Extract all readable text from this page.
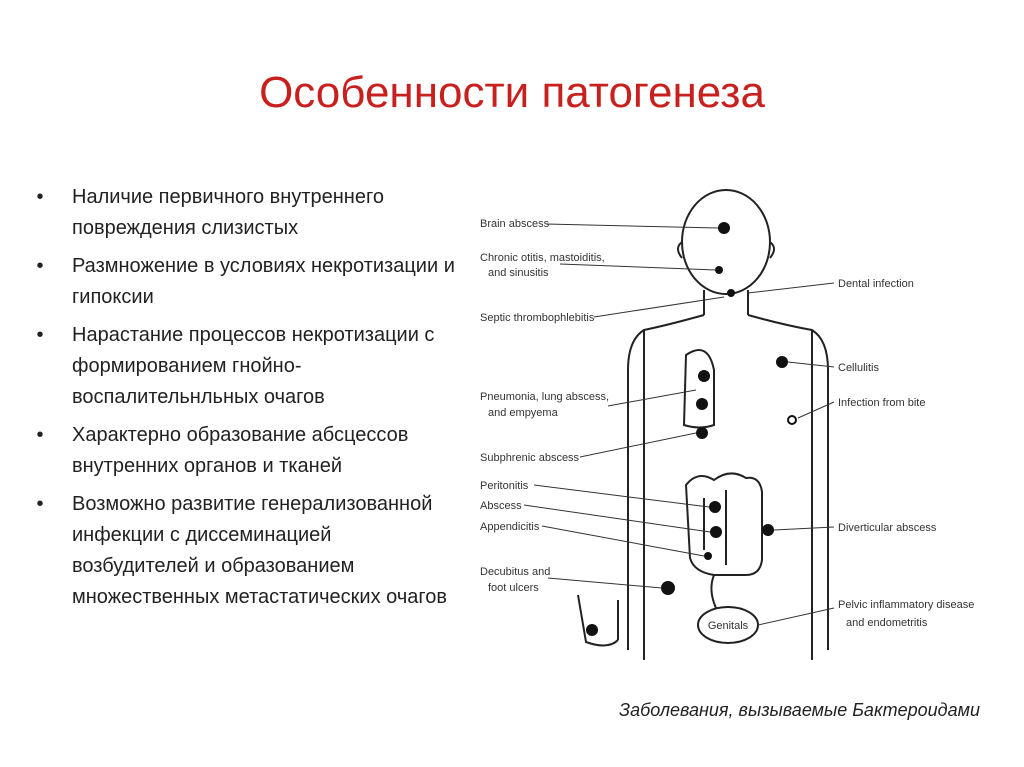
Особенности патогенеза
•	Наличие первичного внутреннего повреждения слизистых
•	Размножение в условиях некротизации и гипоксии
•	Нарастание процессов некротизации с формированием гнойно-воспалительнльных очагов
•	Характерно образование абсцессов внутренних органов и тканей
•	Возможно развитие генерализованной инфекции с диссеминацией возбудителей и образованием множественных метастатических очагов
Brain abscess
Chronic otitis, mastoiditis,
and sinusitis
Septic thrombophlebitis
Pneumonia, lung abscess,
and empyema
Subphrenic abscess
Peritonitis
Abscess
Appendicitis
Decubitus and
foot ulcers
Dental infection
Cellulitis
Infection from bite
Diverticular abscess
Pelvic inflammatory disease
and endometritis
Genitals
Заболевания, вызываемые Бактероидами
